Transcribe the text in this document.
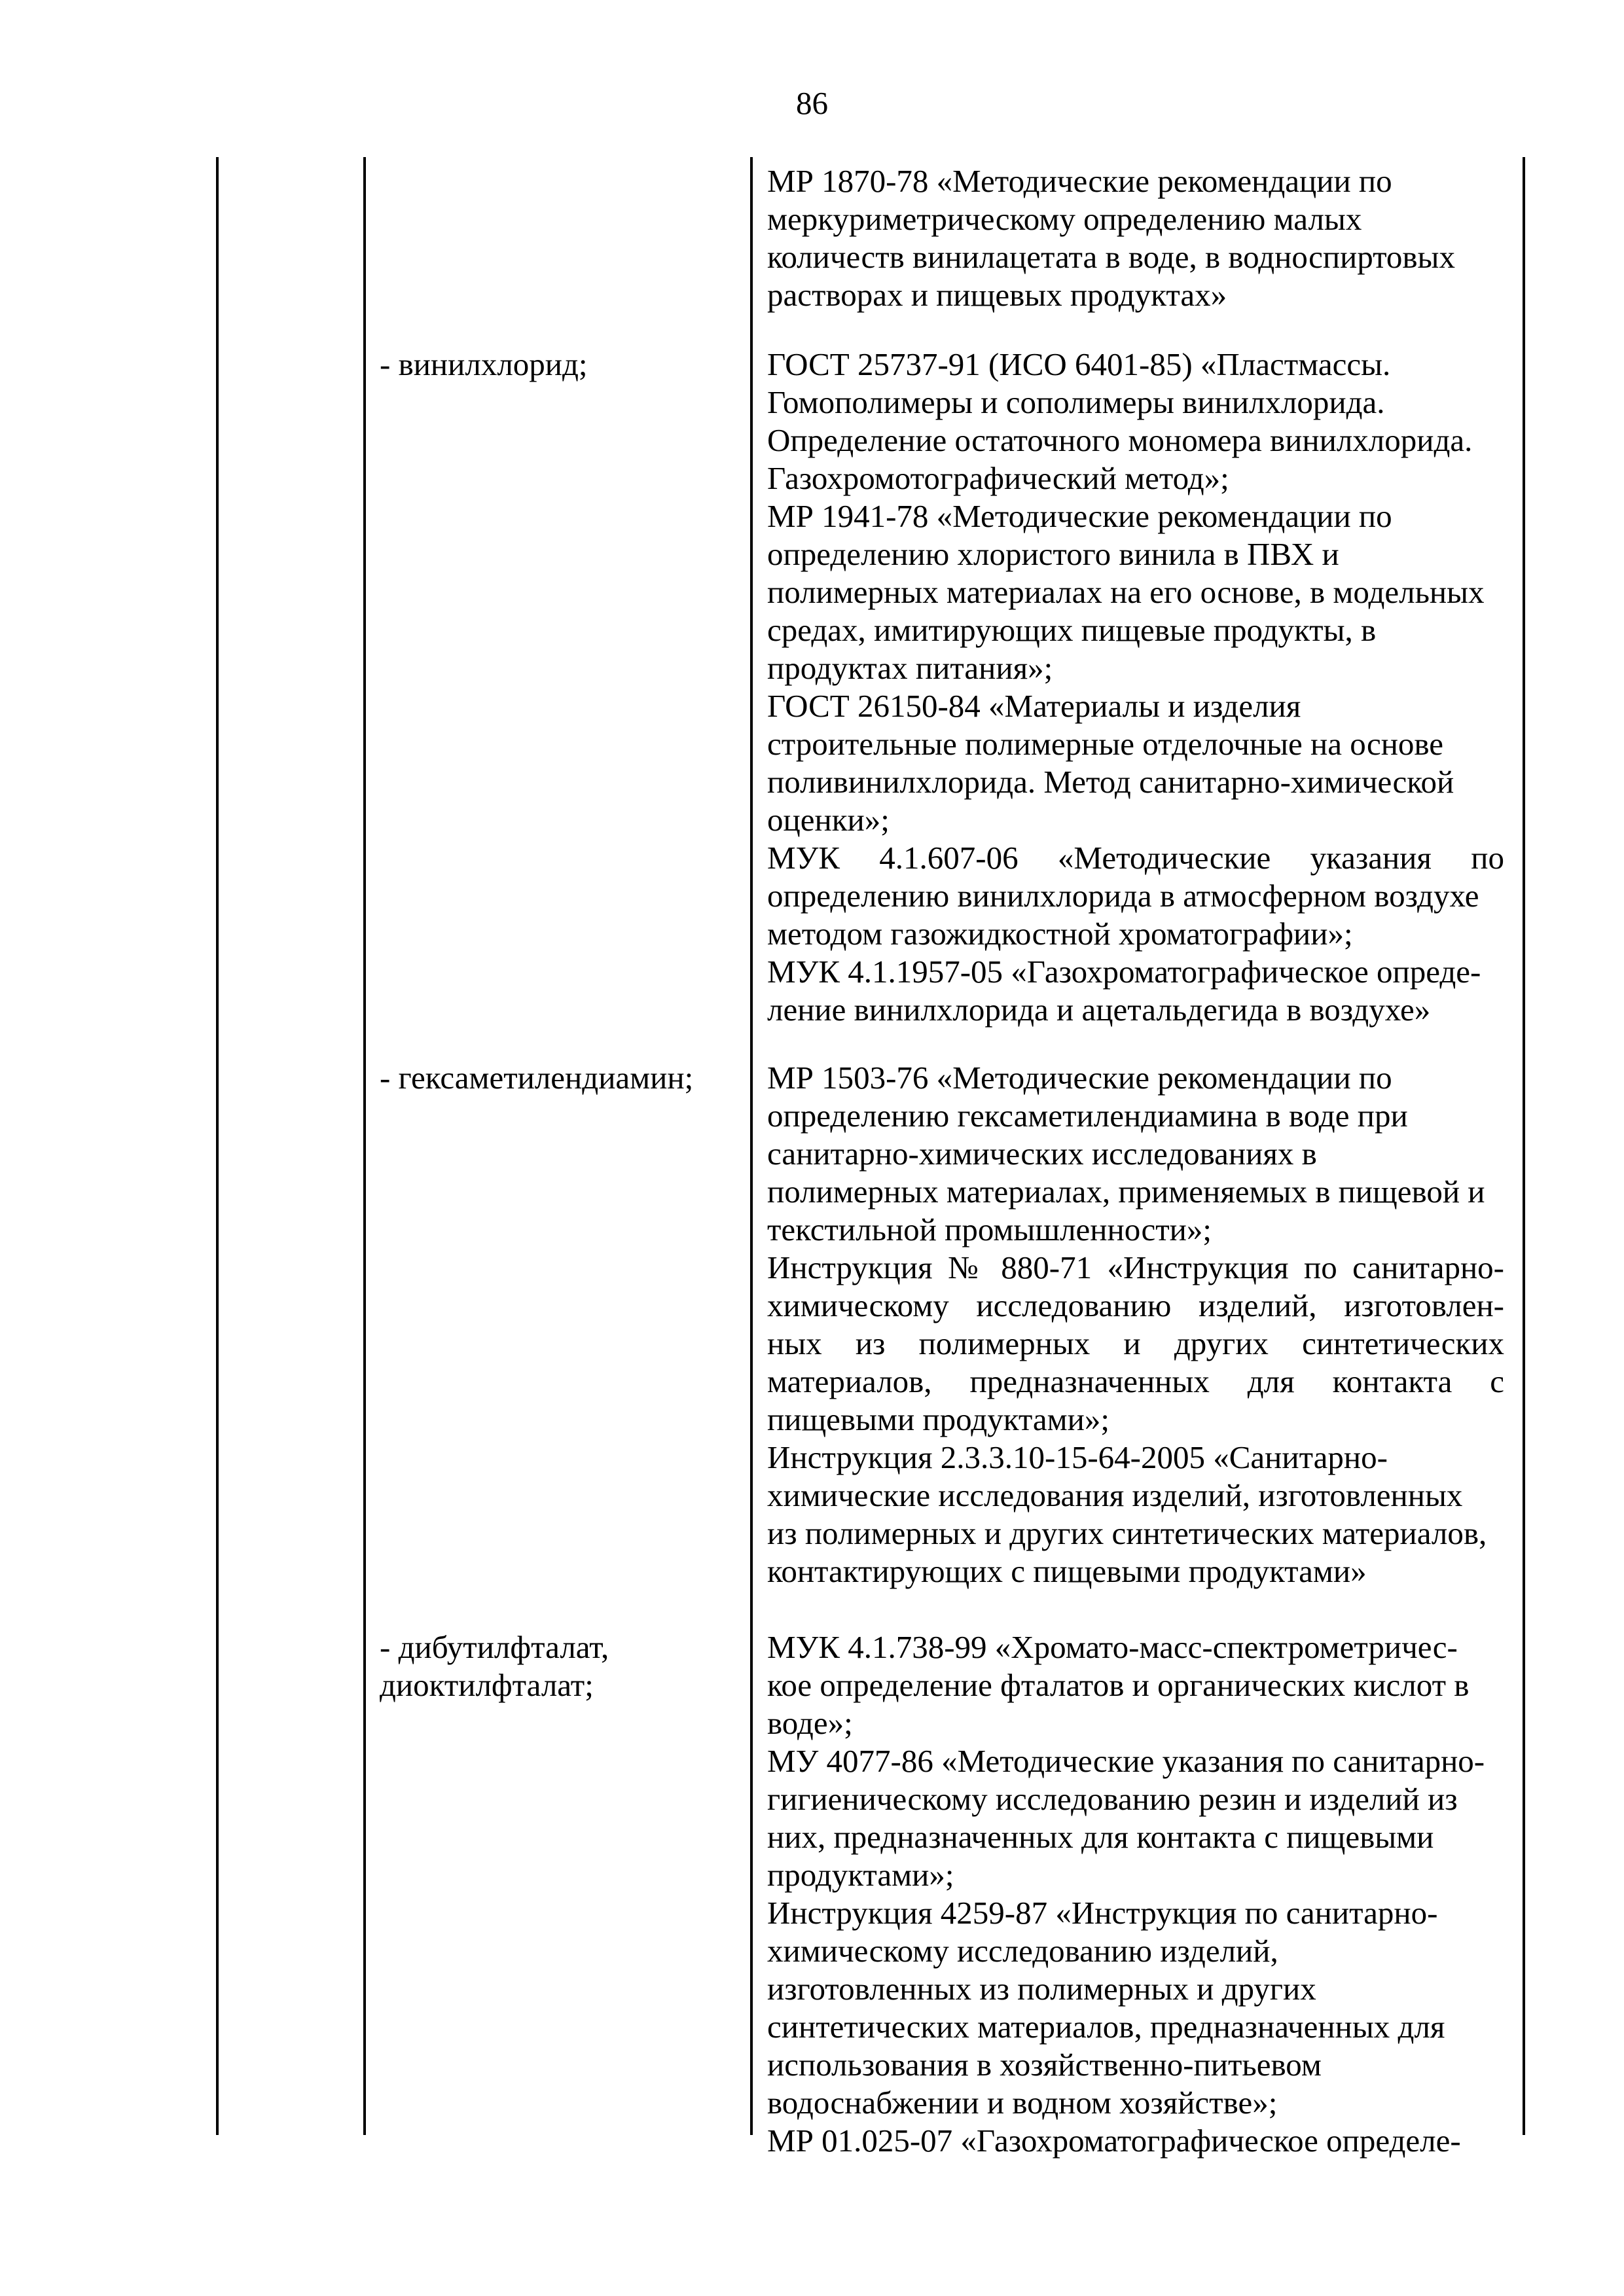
86
МР 1870-78 «Методические рекомендации по
меркуриметрическому определению малых
количеств винилацетата в воде, в водноспиртовых
растворах и пищевых продуктах»
- винилхлорид;	ГОСТ 25737-91 (ИСО 6401-85) «Пластмассы.
Гомополимеры и сополимеры винилхлорида.
Определение остаточного мономера винилхлорида.
Газохромотографический метод»;
МР 1941-78 «Методические рекомендации по
определению хлористого винила в ПВХ и
полимерных материалах на его основе, в модельных
средах, имитирующих пищевые продукты, в
продуктах питания»;
ГОСТ 26150-84 «Материалы и изделия
строительные полимерные отделочные на основе
поливинилхлорида. Метод санитарно-химической
оценки»;
МУК 4.1.607-06 «Методические указания по
определению винилхлорида в атмосферном воздухе
методом газожидкостной хроматографии»;
МУК 4.1.1957-05 «Газохроматографическое опреде-
ление винилхлорида и ацетальдегида в воздухе»
- гексаметилендиамин;	МР 1503-76 «Методические рекомендации по
определению гексаметилендиамина в воде при
санитарно-химических исследованиях в
полимерных материалах, применяемых в пищевой и
текстильной промышленности»;
Инструкция № 880-71 «Инструкция по санитарно-
химическому исследованию изделий, изготовлен-
ных из полимерных и других синтетических
материалов, предназначенных для контакта с
пищевыми продуктами»;
Инструкция 2.3.3.10-15-64-2005 «Санитарно-
химические исследования изделий, изготовленных
из полимерных и других синтетических материалов,
контактирующих с пищевыми продуктами»
- дибутилфталат,
диоктилфталат;
МУК 4.1.738-99 «Хромато-масс-спектрометричес-
кое определение фталатов и органических кислот в
воде»;
МУ 4077-86 «Методические указания по санитарно-
гигиеническому исследованию резин и изделий из
них, предназначенных для контакта с пищевыми
продуктами»;
Инструкция 4259-87 «Инструкция по санитарно-
химическому исследованию изделий,
изготовленных из полимерных и других
синтетических материалов, предназначенных для
использования в хозяйственно-питьевом
водоснабжении и водном хозяйстве»;
МР 01.025-07 «Газохроматографическое определе-
